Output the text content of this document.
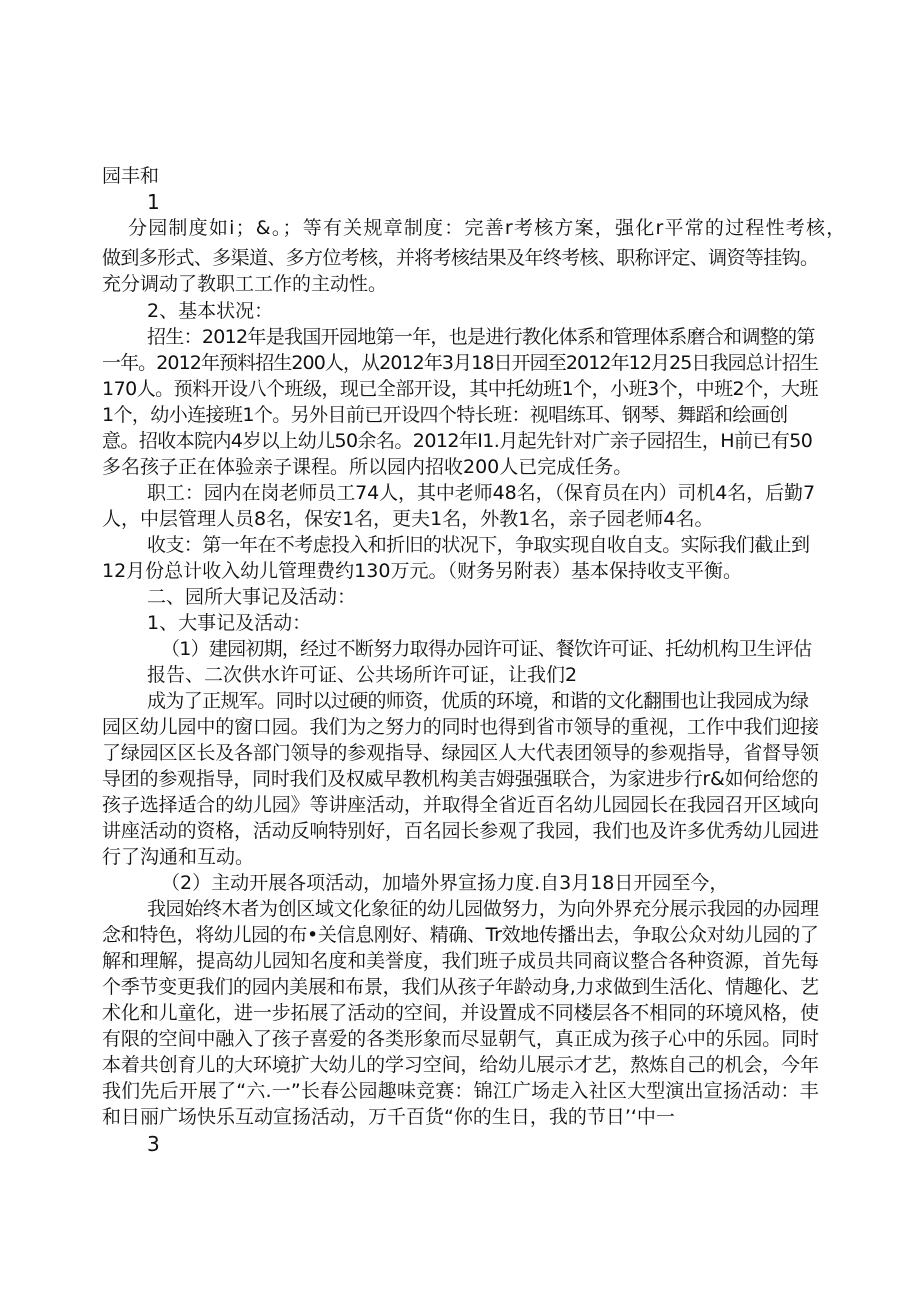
园丰和
1
分园制度如i；&。；等有关规章制度：完善r考核方案，强化r平常的过程性考核，
做到多形式、多渠道、多方位考核，并将考核结果及年终考核、职称评定、调资等挂钩。
充分调动了教职工工作的主动性。
2、基本状况：
招生：2012年是我国开园地第一年，也是进行教化体系和管理体系磨合和调整的第
一年。2012年预料招生200人，从2012年3月18日开园至2012年12月25日我园总计招生
170人。预料开设八个班级，现已全部开设，其中托幼班1个，小班3个，中班2个，大班
1个，幼小连接班1个。另外目前已开设四个特长班：视唱练耳、钢琴、舞蹈和绘画创
意。招收本院内4岁以上幼儿50余名。2012年I1.月起先针对广亲子园招生，H前已有50
多名孩子正在体验亲子课程。所以园内招收200人已完成任务。
职工：园内在岗老师员工74人，其中老师48名，（保育员在内）司机4名，后勤7
人，中层管理人员8名，保安1名，更夫1名，外教1名，亲子园老师4名。
收支：第一年在不考虑投入和折旧的状况下，争取实现自收自支。实际我们截止到
12月份总计收入幼儿管理费约130万元。（财务另附表）基本保持收支平衡。
二、园所大事记及活动：
1、大事记及活动：
（1）建园初期，经过不断努力取得办园许可证、餐饮许可证、托幼机构卫生评估
报告、二次供水许可证、公共场所许可证，让我们2
成为了正规军。同时以过硬的师资，优质的环境，和谐的文化翻围也让我园成为绿
园区幼儿园中的窗口园。我们为之努力的同时也得到省市领导的重视，工作中我们迎接
了绿园区区长及各部门领导的参观指导、绿园区人大代表团领导的参观指导，省督导领
导团的参观指导，同时我们及权威早教机构美吉姆强强联合，为家进步行r&如何给您的
孩子选择适合的幼儿园》等讲座活动，并取得全省近百名幼儿园园长在我园召开区域向
讲座活动的资格，活动反响特别好，百名园长参观了我园，我们也及许多优秀幼儿园进
行了沟通和互动。
（2）主动开展各项活动，加墙外界宣扬力度.自3月18日开园至今，
我园始终木者为创区域文化象征的幼儿园做努力，为向外界充分展示我园的办园理
念和特色，将幼儿园的布•关信息刚好、精确、Tr效地传播出去，争取公众对幼儿园的了
解和理解，提高幼儿园知名度和美誉度，我们班子成员共同商议整合各种资源，首先每
个季节变更我们的园内美展和布景，我们从孩子年龄动身,力求做到生活化、情趣化、艺
术化和儿童化，进一步拓展了活动的空间，并设置成不同楼层各不相同的环境风格，使
有限的空间中融入了孩子喜爱的各类形象而尽显朝气，真正成为孩子心中的乐园。同时
本着共创育儿的大环境扩大幼儿的学习空间，给幼儿展示才艺，熬炼自己的机会，今年
我们先后开展了“六.一”长春公园趣味竞赛：锦江广场走入社区大型演出宣扬活动：丰
和日丽广场快乐互动宣扬活动，万千百货“你的生日，我的节日’‘中一
3
